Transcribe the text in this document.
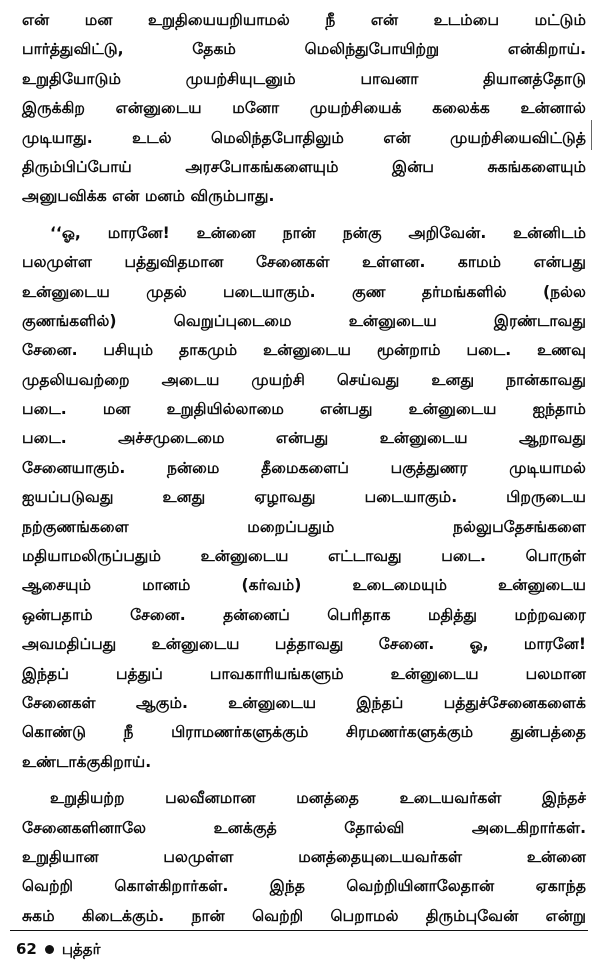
என் மன உறுதியையறியாமல் நீ என் உடம்பை மட்டும்
பார்த்துவிட்டு, தேகம் மெலிந்துபோயிற்று என்கிறாய்.
உறுதியோடும் முயற்சியுடனும் பாவனா தியானத்தோடு
இருக்கிற என்னுடைய மனோ முயற்சியைக் கலைக்க உன்னால்
முடியாது. உடல் மெலிந்தபோதிலும் என் முயற்சியைவிட்டுத்
திரும்பிப்போய் அரசபோகங்களையும் இன்ப சுகங்களையும்
அனுபவிக்க என் மனம் விரும்பாது.
‘‘ஓ, மாரனே! உன்னை நான் நன்கு அறிவேன். உன்னிடம்
பலமுள்ள பத்துவிதமான சேனைகள் உள்ளன. காமம் என்பது
உன்னுடைய முதல் படையாகும். குண தர்மங்களில் (நல்ல
குணங்களில்) வெறுப்புடைமை உன்னுடைய இரண்டாவது
சேனை. பசியும் தாகமும் உன்னுடைய மூன்றாம் படை. உணவு
முதலியவற்றை அடைய முயற்சி செய்வது உனது நான்காவது
படை. மன உறுதியில்லாமை என்பது உன்னுடைய ஐந்தாம்
படை. அச்சமுடைமை என்பது உன்னுடைய ஆறாவது
சேனையாகும். நன்மை தீமைகளைப் பகுத்துணர முடியாமல்
ஐயப்படுவது உனது ஏழாவது படையாகும். பிறருடைய
நற்குணங்களை மறைப்பதும் நல்லுபதேசங்களை
மதியாமலிருப்பதும் உன்னுடைய எட்டாவது படை. பொருள்
ஆசையும் மானம் (கர்வம்) உடைமையும் உன்னுடைய
ஒன்பதாம் சேனை. தன்னைப் பெரிதாக மதித்து மற்றவரை
அவமதிப்பது உன்னுடைய பத்தாவது சேனை. ஓ, மாரனே!
இந்தப் பத்துப் பாவகாரியங்களும் உன்னுடைய பலமான
சேனைகள் ஆகும். உன்னுடைய இந்தப் பத்துச்சேனைகளைக்
கொண்டு நீ பிராமணர்களுக்கும் சிரமணர்களுக்கும் துன்பத்தை
உண்டாக்குகிறாய்.
உறுதியற்ற பலவீனமான மனத்தை உடையவர்கள் இந்தச்
சேனைகளினாலே உனக்குத் தோல்வி அடைகிறார்கள்.
உறுதியான பலமுள்ள மனத்தையுடையவர்கள் உன்னை
வெற்றி கொள்கிறார்கள். இந்த வெற்றியினாலேதான் ஏகாந்த
சுகம் கிடைக்கும். நான் வெற்றி பெறாமல் திரும்புவேன் என்று
62 புத்தர்
